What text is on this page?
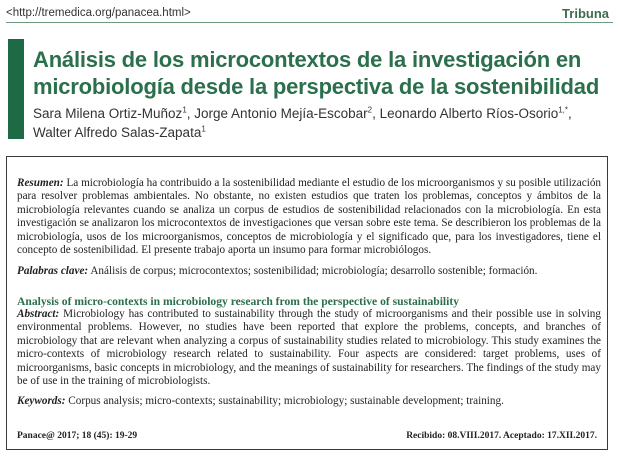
<http://tremedica.org/panacea.html>	Tribuna
Análisis de los microcontextos de la investigación en microbiología desde la perspectiva de la sostenibilidad
Sara Milena Ortiz-Muñoz$^1$, Jorge Antonio Mejía-Escobar$^2$, Leonardo Alberto Ríos-Osorio$^{1,*}$, Walter Alfredo Salas-Zapata$^1$
Resumen: La microbiología ha contribuido a la sostenibilidad mediante el estudio de los microorganismos y su posible utilización para resolver problemas ambientales. No obstante, no existen estudios que traten los problemas, conceptos y ámbitos de la microbiología relevantes cuando se analiza un corpus de estudios de sostenibilidad relacionados con la microbiología. En esta investigación se analizaron los microcontextos de investigaciones que versan sobre este tema. Se describieron los problemas de la microbiología, usos de los microorganismos, conceptos de microbiología y el significado que, para los investigadores, tiene el concepto de sostenibilidad. El presente trabajo aporta un insumo para formar microbiólogos.
Palabras clave: Análisis de corpus; microcontextos; sostenibilidad; microbiología; desarrollo sostenible; formación.
Analysis of micro-contexts in microbiology research from the perspective of sustainability
Abstract: Microbiology has contributed to sustainability through the study of microorganisms and their possible use in solving environmental problems. However, no studies have been reported that explore the problems, concepts, and branches of microbiology that are relevant when analyzing a corpus of sustainability studies related to microbiology. This study examines the micro-contexts of microbiology research related to sustainability. Four aspects are considered: target problems, uses of microorganisms, basic concepts in microbiology, and the meanings of sustainability for researchers. The findings of the study may be of use in the training of microbiologists.
Keywords: Corpus analysis; micro-contexts; sustainability; microbiology; sustainable development; training.
Panace@ 2017; 18 (45): 19-29	Recibido: 08.VIII.2017. Aceptado: 17.XII.2017.
